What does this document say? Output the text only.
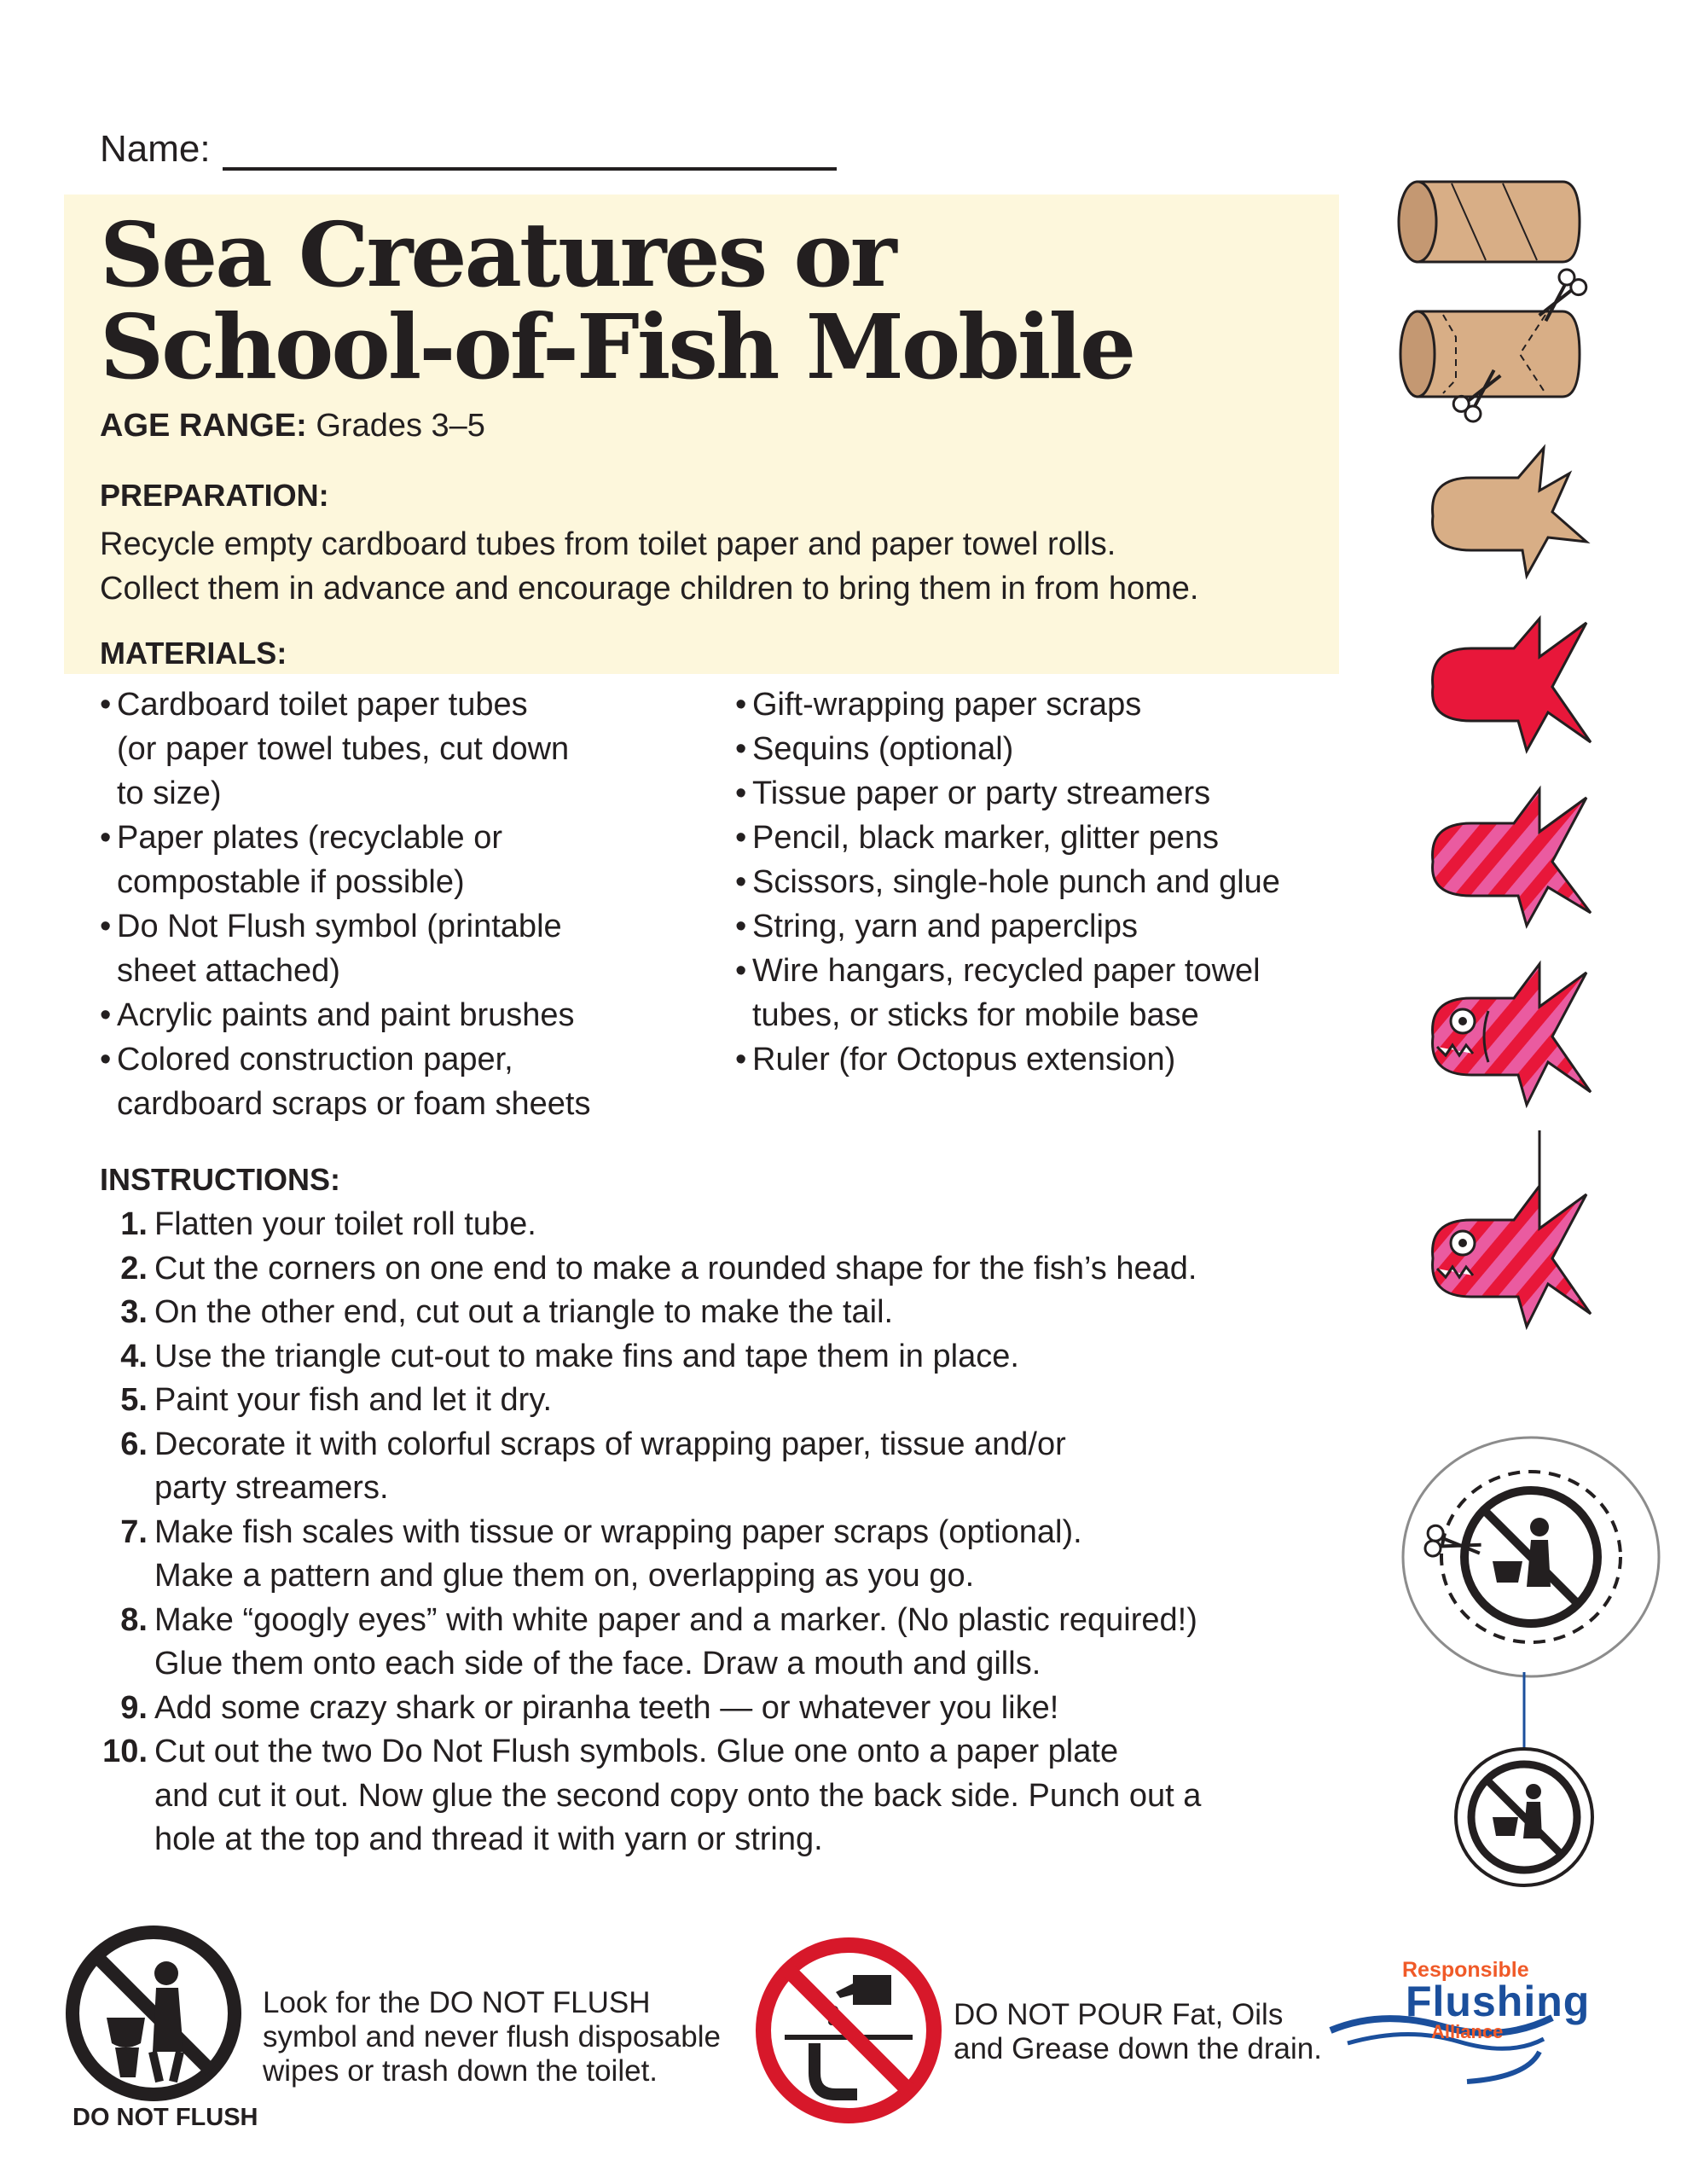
Name:
Sea Creatures or
School-of-Fish Mobile
AGE RANGE: Grades 3–5
PREPARATION:
Recycle empty cardboard tubes from toilet paper and paper towel rolls.
Collect them in advance and encourage children to bring them in from home.
MATERIALS:
• Cardboard toilet paper tubes
(or paper towel tubes, cut down
to size)
• Paper plates (recyclable or
compostable if possible)
• Do Not Flush symbol (printable
sheet attached)
• Acrylic paints and paint brushes
• Colored construction paper,
cardboard scraps or foam sheets
• Gift-wrapping paper scraps
• Sequins (optional)
• Tissue paper or party streamers
• Pencil, black marker, glitter pens
• Scissors, single-hole punch and glue
• String, yarn and paperclips
• Wire hangars, recycled paper towel
tubes, or sticks for mobile base
• Ruler (for Octopus extension)
INSTRUCTIONS:
1. Flatten your toilet roll tube.
2. Cut the corners on one end to make a rounded shape for the fish’s head.
3. On the other end, cut out a triangle to make the tail.
4. Use the triangle cut-out to make fins and tape them in place.
5. Paint your fish and let it dry.
6. Decorate it with colorful scraps of wrapping paper, tissue and/or
party streamers.
7. Make fish scales with tissue or wrapping paper scraps (optional).
Make a pattern and glue them on, overlapping as you go.
8. Make “googly eyes” with white paper and a marker. (No plastic required!)
Glue them onto each side of the face. Draw a mouth and gills.
9. Add some crazy shark or piranha teeth — or whatever you like!
10. Cut out the two Do Not Flush symbols. Glue one onto a paper plate
and cut it out. Now glue the second copy onto the back side. Punch out a
hole at the top and thread it with yarn or string.
DO NOT FLUSH
Look for the DO NOT FLUSH
symbol and never flush disposable
wipes or trash down the toilet.
DO NOT POUR Fat, Oils
and Grease down the drain.
Responsible
Flushing
Alliance
